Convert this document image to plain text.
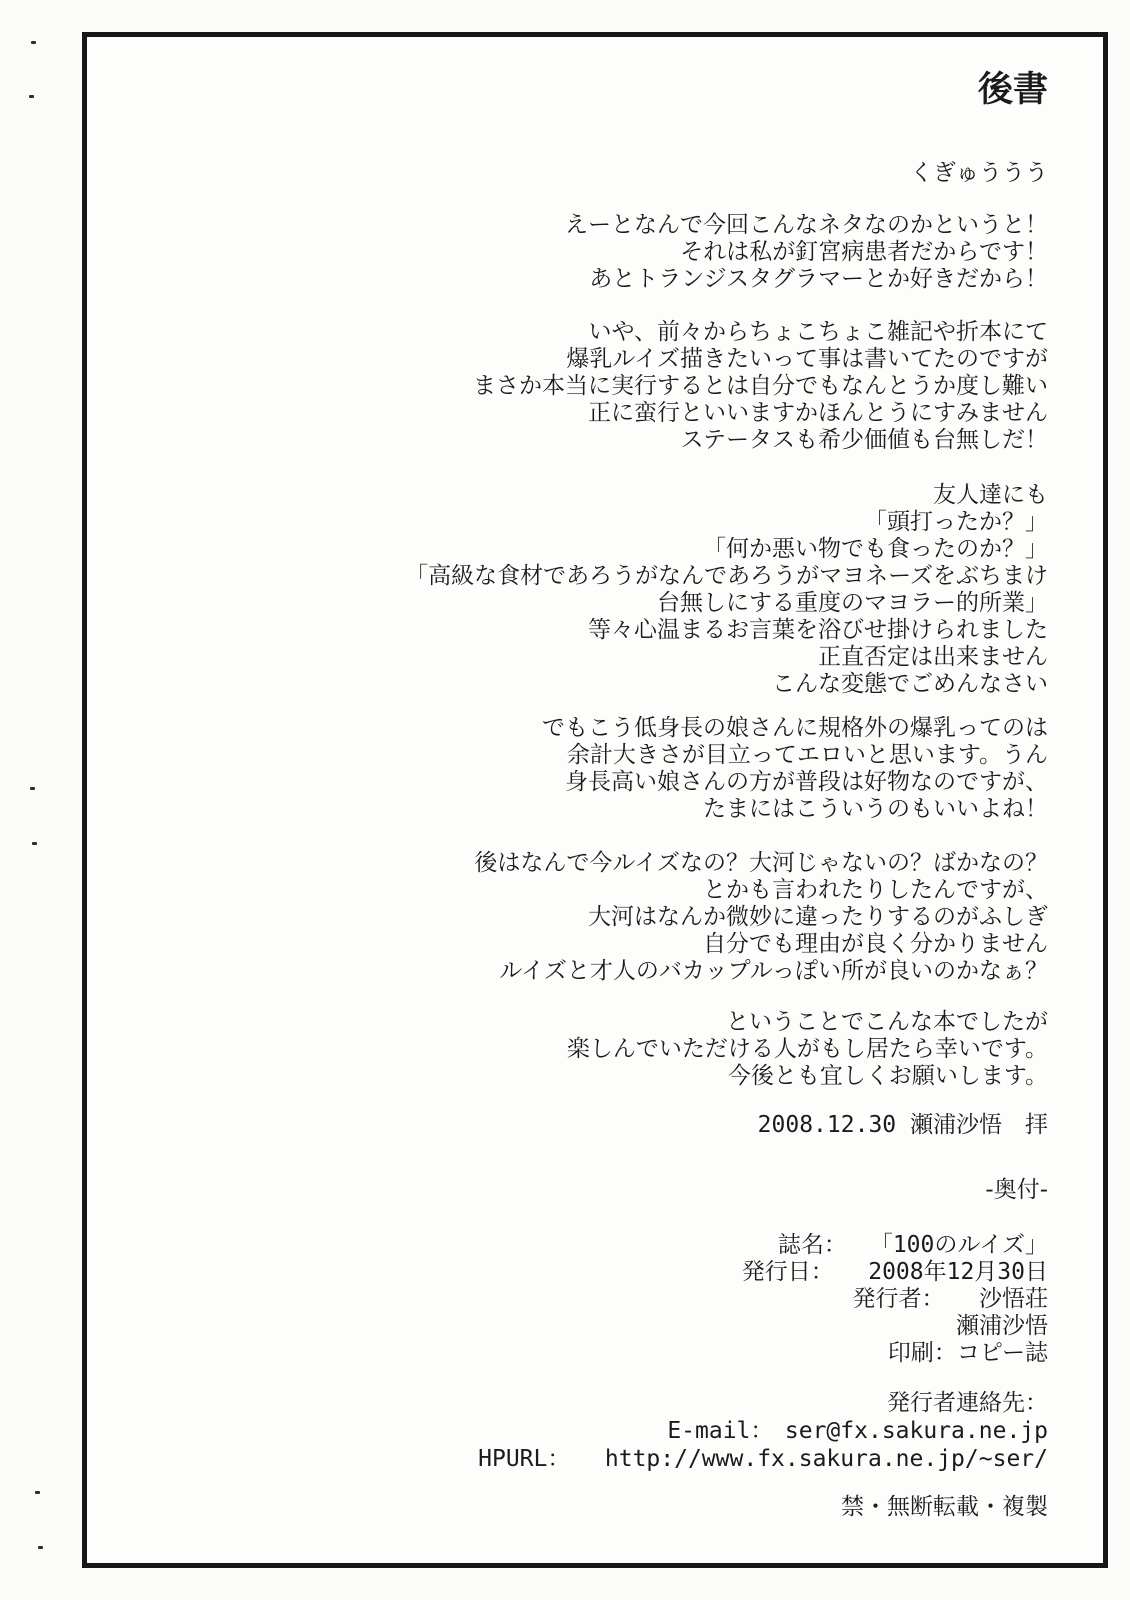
後書
くぎゅううう
えーとなんで今回こんなネタなのかというと！
それは私が釘宮病患者だからです！
あとトランジスタグラマーとか好きだから！
いや、前々からちょこちょこ雑記や折本にて
爆乳ルイズ描きたいって事は書いてたのですが
まさか本当に実行するとは自分でもなんとうか度し難い
正に蛮行といいますかほんとうにすみません
ステータスも希少価値も台無しだ！
友人達にも
「頭打ったか？」
「何か悪い物でも食ったのか？」
「高級な食材であろうがなんであろうがマヨネーズをぶちまけ
台無しにする重度のマヨラー的所業」
等々心温まるお言葉を浴びせ掛けられました
正直否定は出来ません
こんな変態でごめんなさい
でもこう低身長の娘さんに規格外の爆乳ってのは
余計大きさが目立ってエロいと思います。うん
身長高い娘さんの方が普段は好物なのですが、
たまにはこういうのもいいよね！
後はなんで今ルイズなの？大河じゃないの？ばかなの？
とかも言われたりしたんですが、
大河はなんか微妙に違ったりするのがふしぎ
自分でも理由が良く分かりません
ルイズと才人のバカップルっぽい所が良いのかなぁ？
ということでこんな本でしたが
楽しんでいただける人がもし居たら幸いです。
今後とも宜しくお願いします。
2008.12.30 瀬浦沙悟　拝
-奥付-
誌名：　　「100のルイズ」
発行日：　　2008年12月30日
発行者：　　沙悟荘
瀬浦沙悟
印刷：コピー誌
発行者連絡先：
E-mail：　ser@fx.sakura.ne.jp
HPURL：　　http://www.fx.sakura.ne.jp/~ser/
禁・無断転載・複製
